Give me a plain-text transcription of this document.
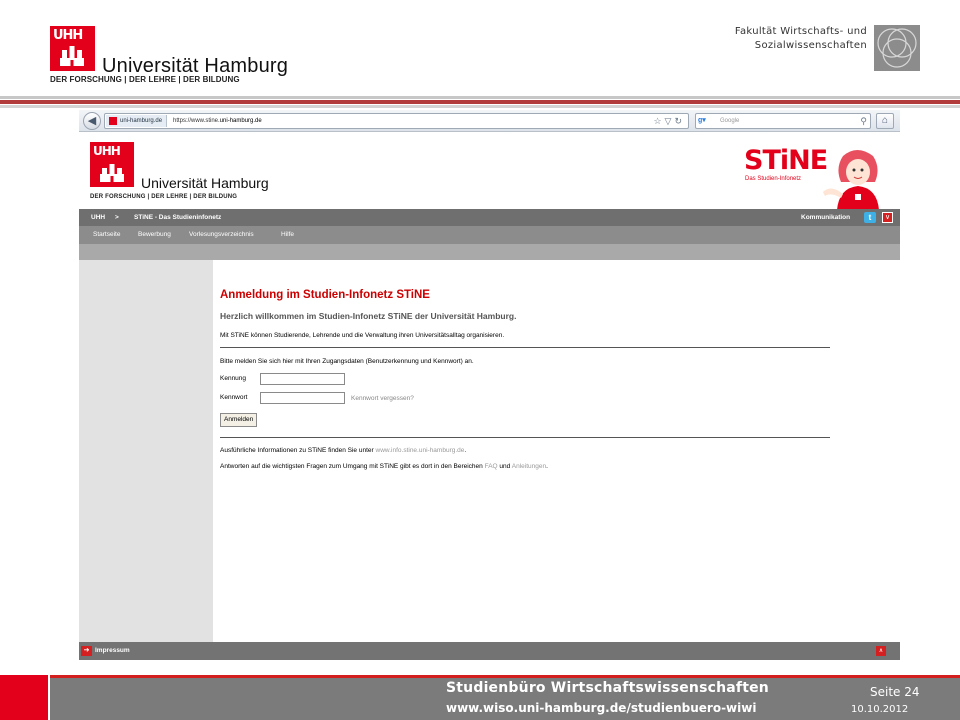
UHH
Universität Hamburg
DER FORSCHUNG | DER LEHRE | DER BILDUNG
Fakultät Wirtschafts- und
Sozialwissenschaften
◀	uni-hamburg.de	https://www.stine.uni-hamburg.de	☆▽↻ g▾	Google	⚲	⌂
UHH
Universität Hamburg
DER FORSCHUNG | DER LEHRE | DER BILDUNG
STiNE
Das Studien-Infonetz
UHH > STiNE - Das Studieninfonetz	Kommunikation	t	∨
Startseite	Bewerbung	Vorlesungsverzeichnis	Hilfe
Anmeldung im Studien-Infonetz STiNE
Herzlich willkommen im Studien-Infonetz STiNE der Universität Hamburg.
Mit STiNE können Studierende, Lehrende und die Verwaltung ihren Universitätsalltag organisieren.
Bitte melden Sie sich hier mit Ihren Zugangsdaten (Benutzerkennung und Kennwort) an.
Kennung
Kennwort	Kennwort vergessen?
Anmelden
Ausführliche Informationen zu STiNE finden Sie unter www.info.stine.uni-hamburg.de.
Antworten auf die wichtigsten Fragen zum Umgang mit STiNE gibt es dort in den Bereichen FAQ und Anleitungen.
➜ Impressum	∧
Studienbüro Wirtschaftswissenschaften
www.wiso.uni-hamburg.de/studienbuero-wiwi
Seite 24
10.10.2012
